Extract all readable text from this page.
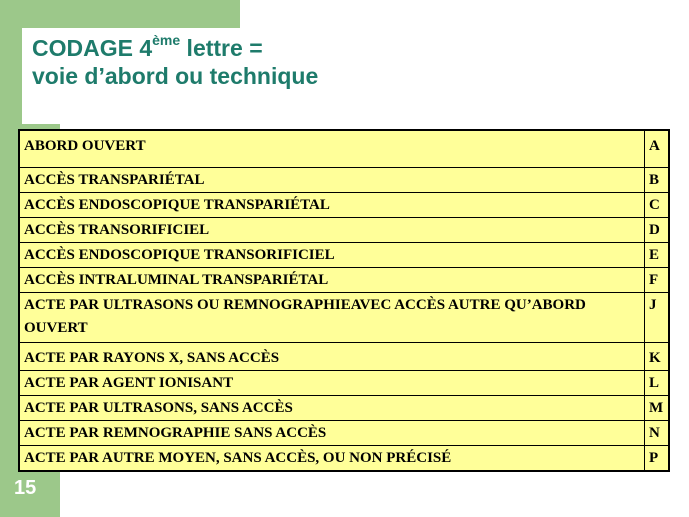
CODAGE 4ème lettre =
voie d’abord ou technique
ABORD OUVERT	A
ACCÈS TRANSPARIÉTAL	B
ACCÈS ENDOSCOPIQUE TRANSPARIÉTAL	C
ACCÈS TRANSORIFICIEL	D
ACCÈS ENDOSCOPIQUE TRANSORIFICIEL	E
ACCÈS INTRALUMINAL TRANSPARIÉTAL	F
ACTE PAR ULTRASONS OU REMNOGRAPHIEAVEC ACCÈS AUTRE QU’ABORD OUVERT	J
ACTE PAR RAYONS X, SANS ACCÈS	K
ACTE PAR AGENT IONISANT	L
ACTE PAR ULTRASONS, SANS ACCÈS	M
ACTE PAR REMNOGRAPHIE SANS ACCÈS	N
ACTE PAR AUTRE MOYEN, SANS ACCÈS, OU NON PRÉCISÉ	P
15
